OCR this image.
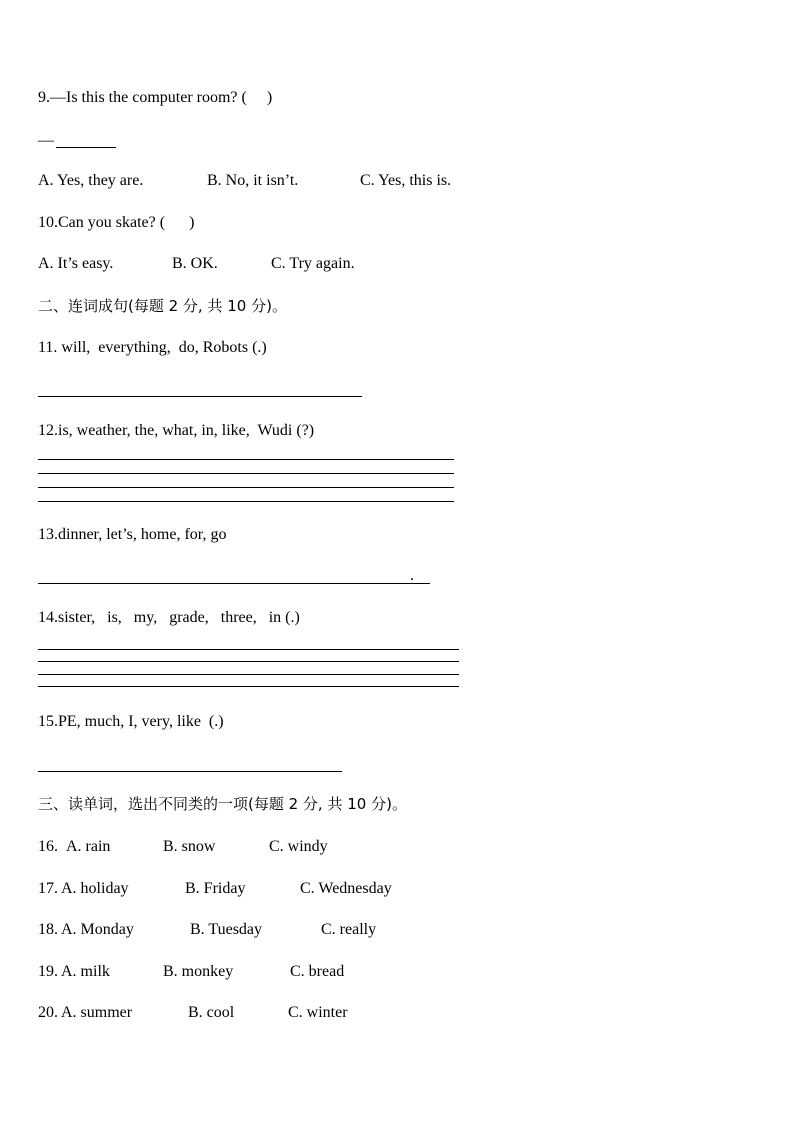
9.—Is this the computer room? (     )
—
A. Yes, they are.	B. No, it isn’t.	C. Yes, this is.
10.Can you skate? (      )
A. It’s easy.	B. OK.	C. Try again.
二、连词成句(每题 2 分, 共 10 分)。
11. will,  everything,  do, Robots (.)
12.is, weather, the, what, in, like,  Wudi (?)
13.dinner, let’s, home, for, go
.
14.sister,   is,   my,   grade,   three,   in (.)
15.PE, much, I, very, like  (.)
三、读单词，选出不同类的一项(每题 2 分, 共 10 分)。
16. A. rain	B. snow	C. windy
17. A. holiday	B. Friday	C. Wednesday
18. A. Monday	B. Tuesday	C. really
19. A. milk	B. monkey	C. bread
20. A. summer	B. cool	C. winter
